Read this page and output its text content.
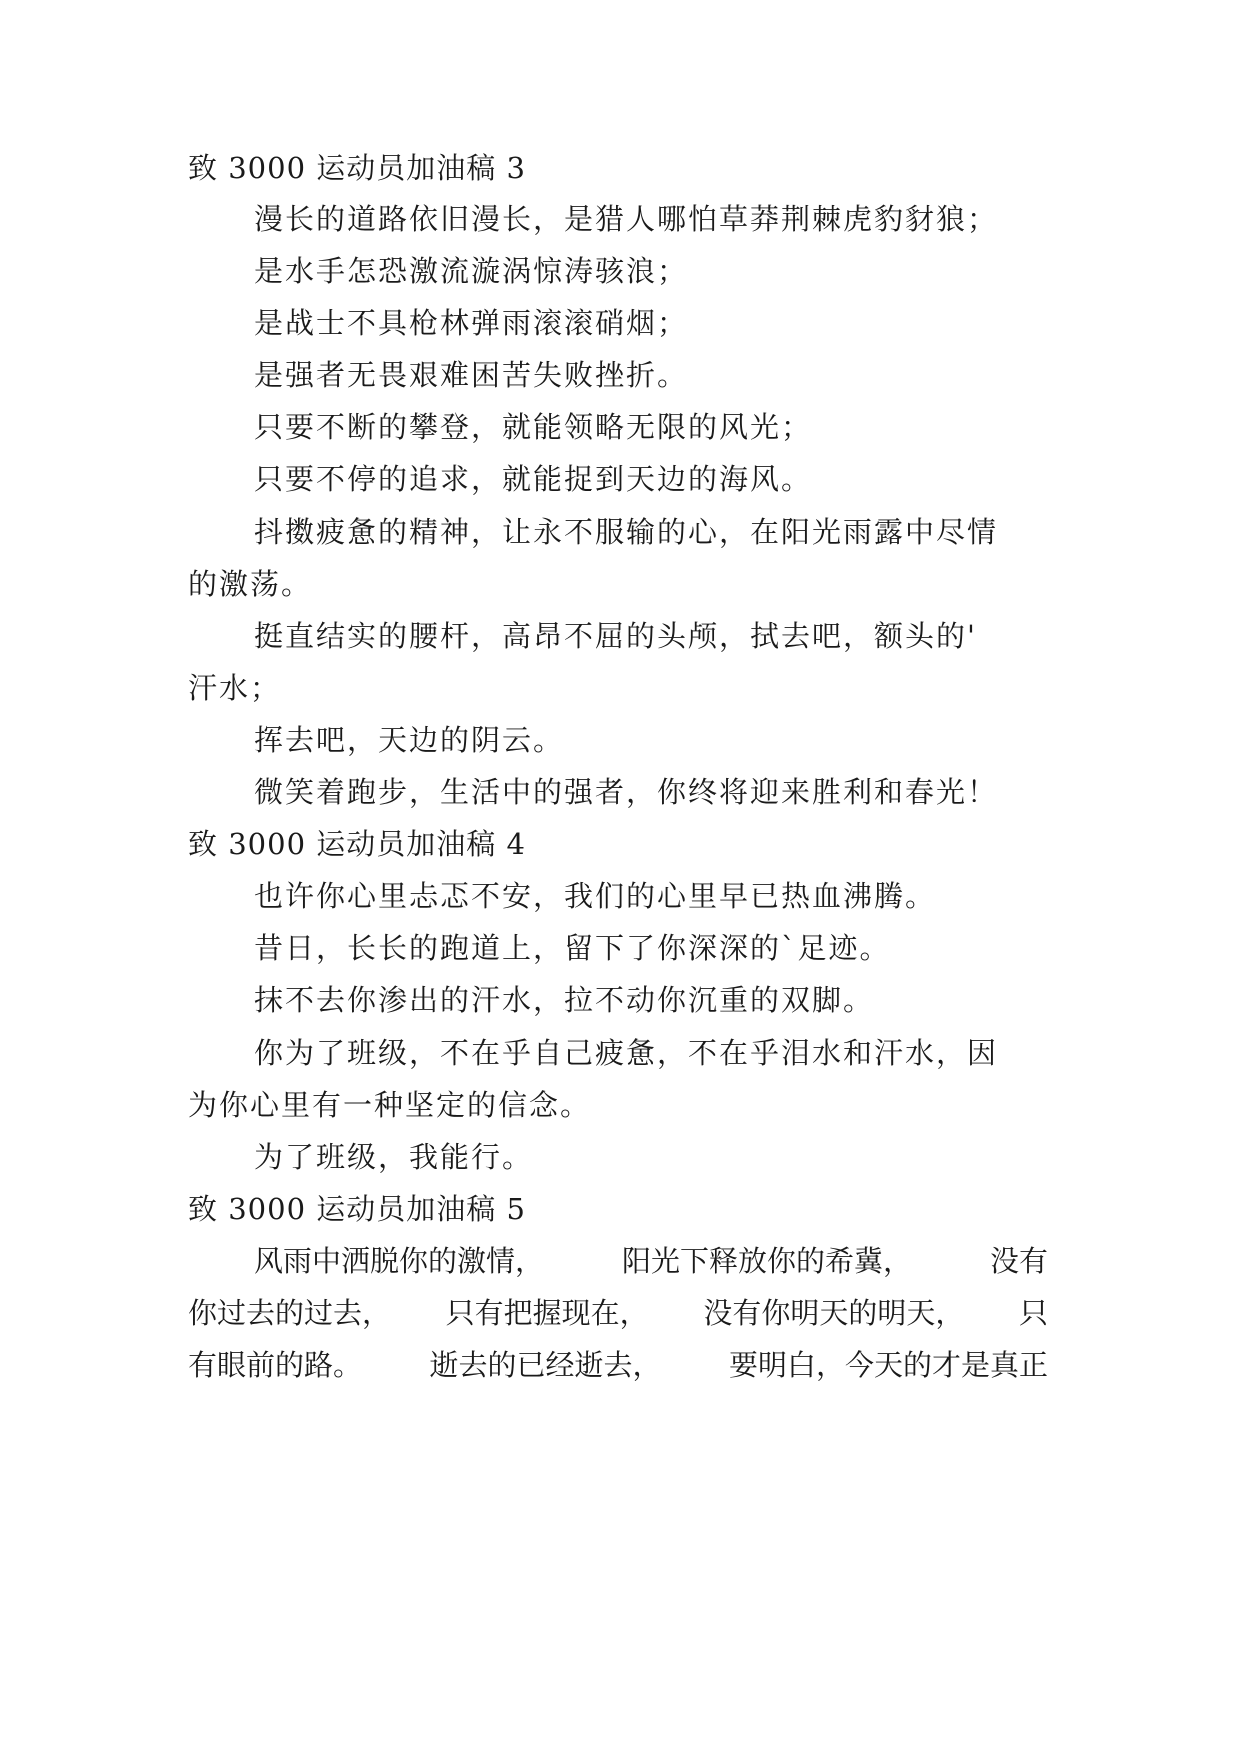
致 3000 运动员加油稿 3
漫长的道路依旧漫长，是猎人哪怕草莽荆棘虎豹豺狼；
是水手怎恐激流漩涡惊涛骇浪；
是战士不具枪林弹雨滚滚硝烟；
是强者无畏艰难困苦失败挫折。
只要不断的攀登，就能领略无限的风光；
只要不停的追求，就能捉到天边的海风。
抖擞疲惫的精神，让永不服输的心，在阳光雨露中尽情
的激荡。
挺直结实的腰杆，高昂不屈的头颅，拭去吧，额头的'
汗水；
挥去吧，天边的阴云。
微笑着跑步，生活中的强者，你终将迎来胜利和春光！
致 3000 运动员加油稿 4
也许你心里忐忑不安，我们的心里早已热血沸腾。
昔日，长长的跑道上，留下了你深深的`足迹。
抹不去你渗出的汗水，拉不动你沉重的双脚。
你为了班级，不在乎自己疲惫，不在乎泪水和汗水，因
为你心里有一种坚定的信念。
为了班级，我能行。
致 3000 运动员加油稿 5
风雨中洒脱你的激情，	阳光下释放你的希冀，	没有
你过去的过去， 只有把握现在， 没有你明天的明天， 只
有眼前的路。 逝去的已经逝去， 要明白，今天的才是真正
